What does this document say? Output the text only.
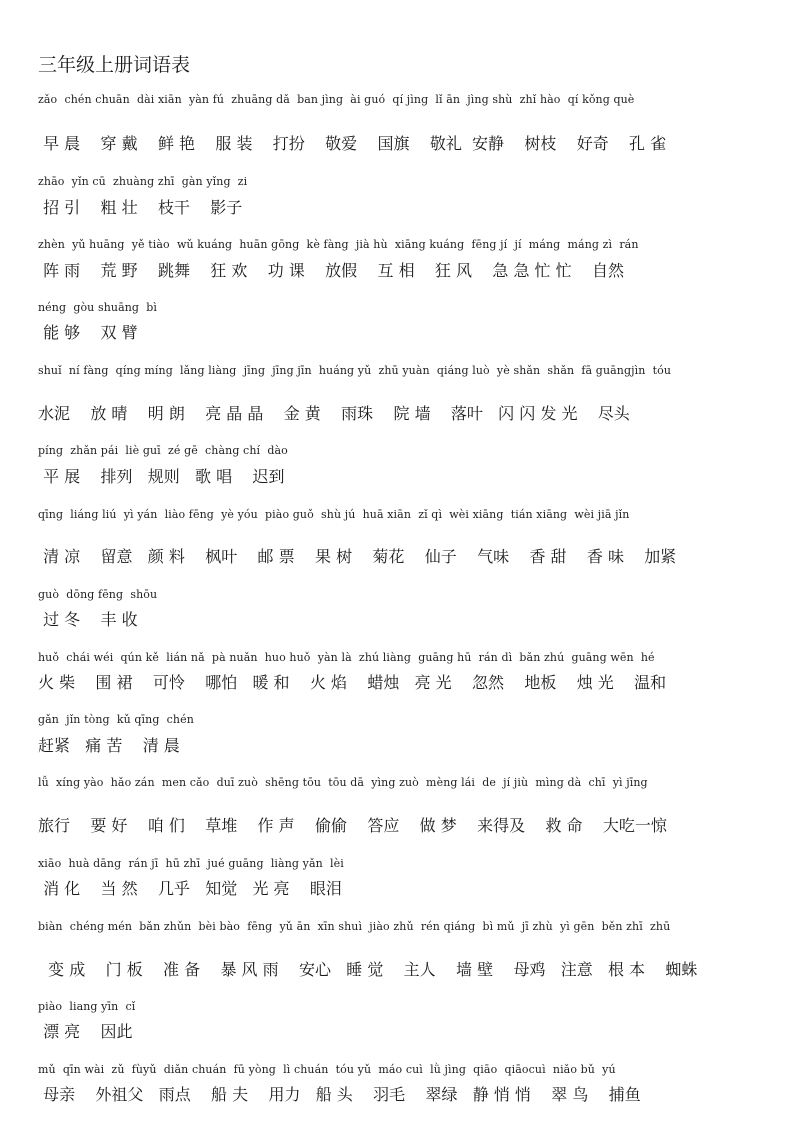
三年级上册词语表
zǎo  chén chuān  dài xiān  yàn fú  zhuāng dǎ  ban jìng  ài guó  qí jìng  lǐ ān  jìng shù  zhǐ hào  qí kǒng què
早 晨    穿 戴    鲜 艳    服 装    打扮    敬爱    国旗    敬礼  安静    树枝    好奇    孔 雀
zhāo  yǐn cū  zhuàng zhī  gàn yǐng  zi
招 引    粗 壮    枝干    影子
zhèn  yǔ huāng  yě tiào  wǔ kuáng  huān gōng  kè fàng  jià hù  xiāng kuáng  fēng jí  jí  máng  máng zì  rán
阵 雨    荒 野    跳舞    狂 欢    功 课    放假    互 相    狂 风    急 急 忙 忙    自然
néng  gòu shuāng  bì
能 够    双 臂
shuǐ  ní fàng  qíng míng  lǎng liàng  jīng  jīng jīn  huáng yǔ  zhū yuàn  qiáng luò  yè shǎn  shǎn  fā guāngjìn  tóu
水泥    放 晴    明 朗    亮 晶 晶    金 黄    雨珠    院 墙    落叶   闪 闪 发 光    尽头
píng  zhǎn pái  liè guī  zé gē  chàng chí  dào
平 展    排列   规则   歌 唱    迟到
qīng  liáng liú  yì yán  liào fēng  yè yóu  piào guǒ  shù jú  huā xiān  zǐ qì  wèi xiāng  tián xiāng  wèi jiā jǐn
清 凉    留意   颜 料    枫叶    邮 票    果 树    菊花    仙子    气味    香 甜    香 味    加紧
guò  dōng fēng  shōu
过 冬    丰 收
huǒ  chái wéi  qún kě  lián nǎ  pà nuǎn  huo huǒ  yàn là  zhú liàng  guāng hū  rán dì  bǎn zhú  guāng wēn  hé
火 柴    围 裙    可怜    哪怕   暖 和    火 焰    蜡烛   亮 光    忽然    地板    烛 光    温和
gǎn  jǐn tòng  kǔ qīng  chén
赶紧   痛 苦    清 晨
lǚ  xíng yào  hǎo zán  men cǎo  duī zuò  shēng tōu  tōu dā  yìng zuò  mèng lái  de  jí jiù  mìng dà  chī  yì jīng
旅行    要 好    咱 们    草堆    作 声    偷偷    答应    做 梦    来得及    救 命    大吃一惊
xiāo  huà dāng  rán jī  hū zhī  jué guāng  liàng yǎn  lèi
消 化    当 然    几乎   知觉   光 亮    眼泪
biàn  chéng mén  bǎn zhǔn  bèi bào  fēng  yǔ ān  xīn shuì  jiào zhǔ  rén qiáng  bì mǔ  jī zhù  yì gēn  běn zhī  zhū
变 成    门 板    准 备    暴 风 雨    安心   睡 觉    主人    墙 壁    母鸡   注意   根 本    蜘蛛
piào  liang yīn  cǐ
漂 亮    因此
mǔ  qīn wài  zǔ  fùyǔ  diǎn chuán  fū yòng  lì chuán  tóu yǔ  máo cuì  lǜ jìng  qiāo  qiāocuì  niǎo bǔ  yú
母亲    外祖父   雨点    船 夫    用力   船 头    羽毛    翠绿   静 悄 悄    翠 鸟    捕鱼
